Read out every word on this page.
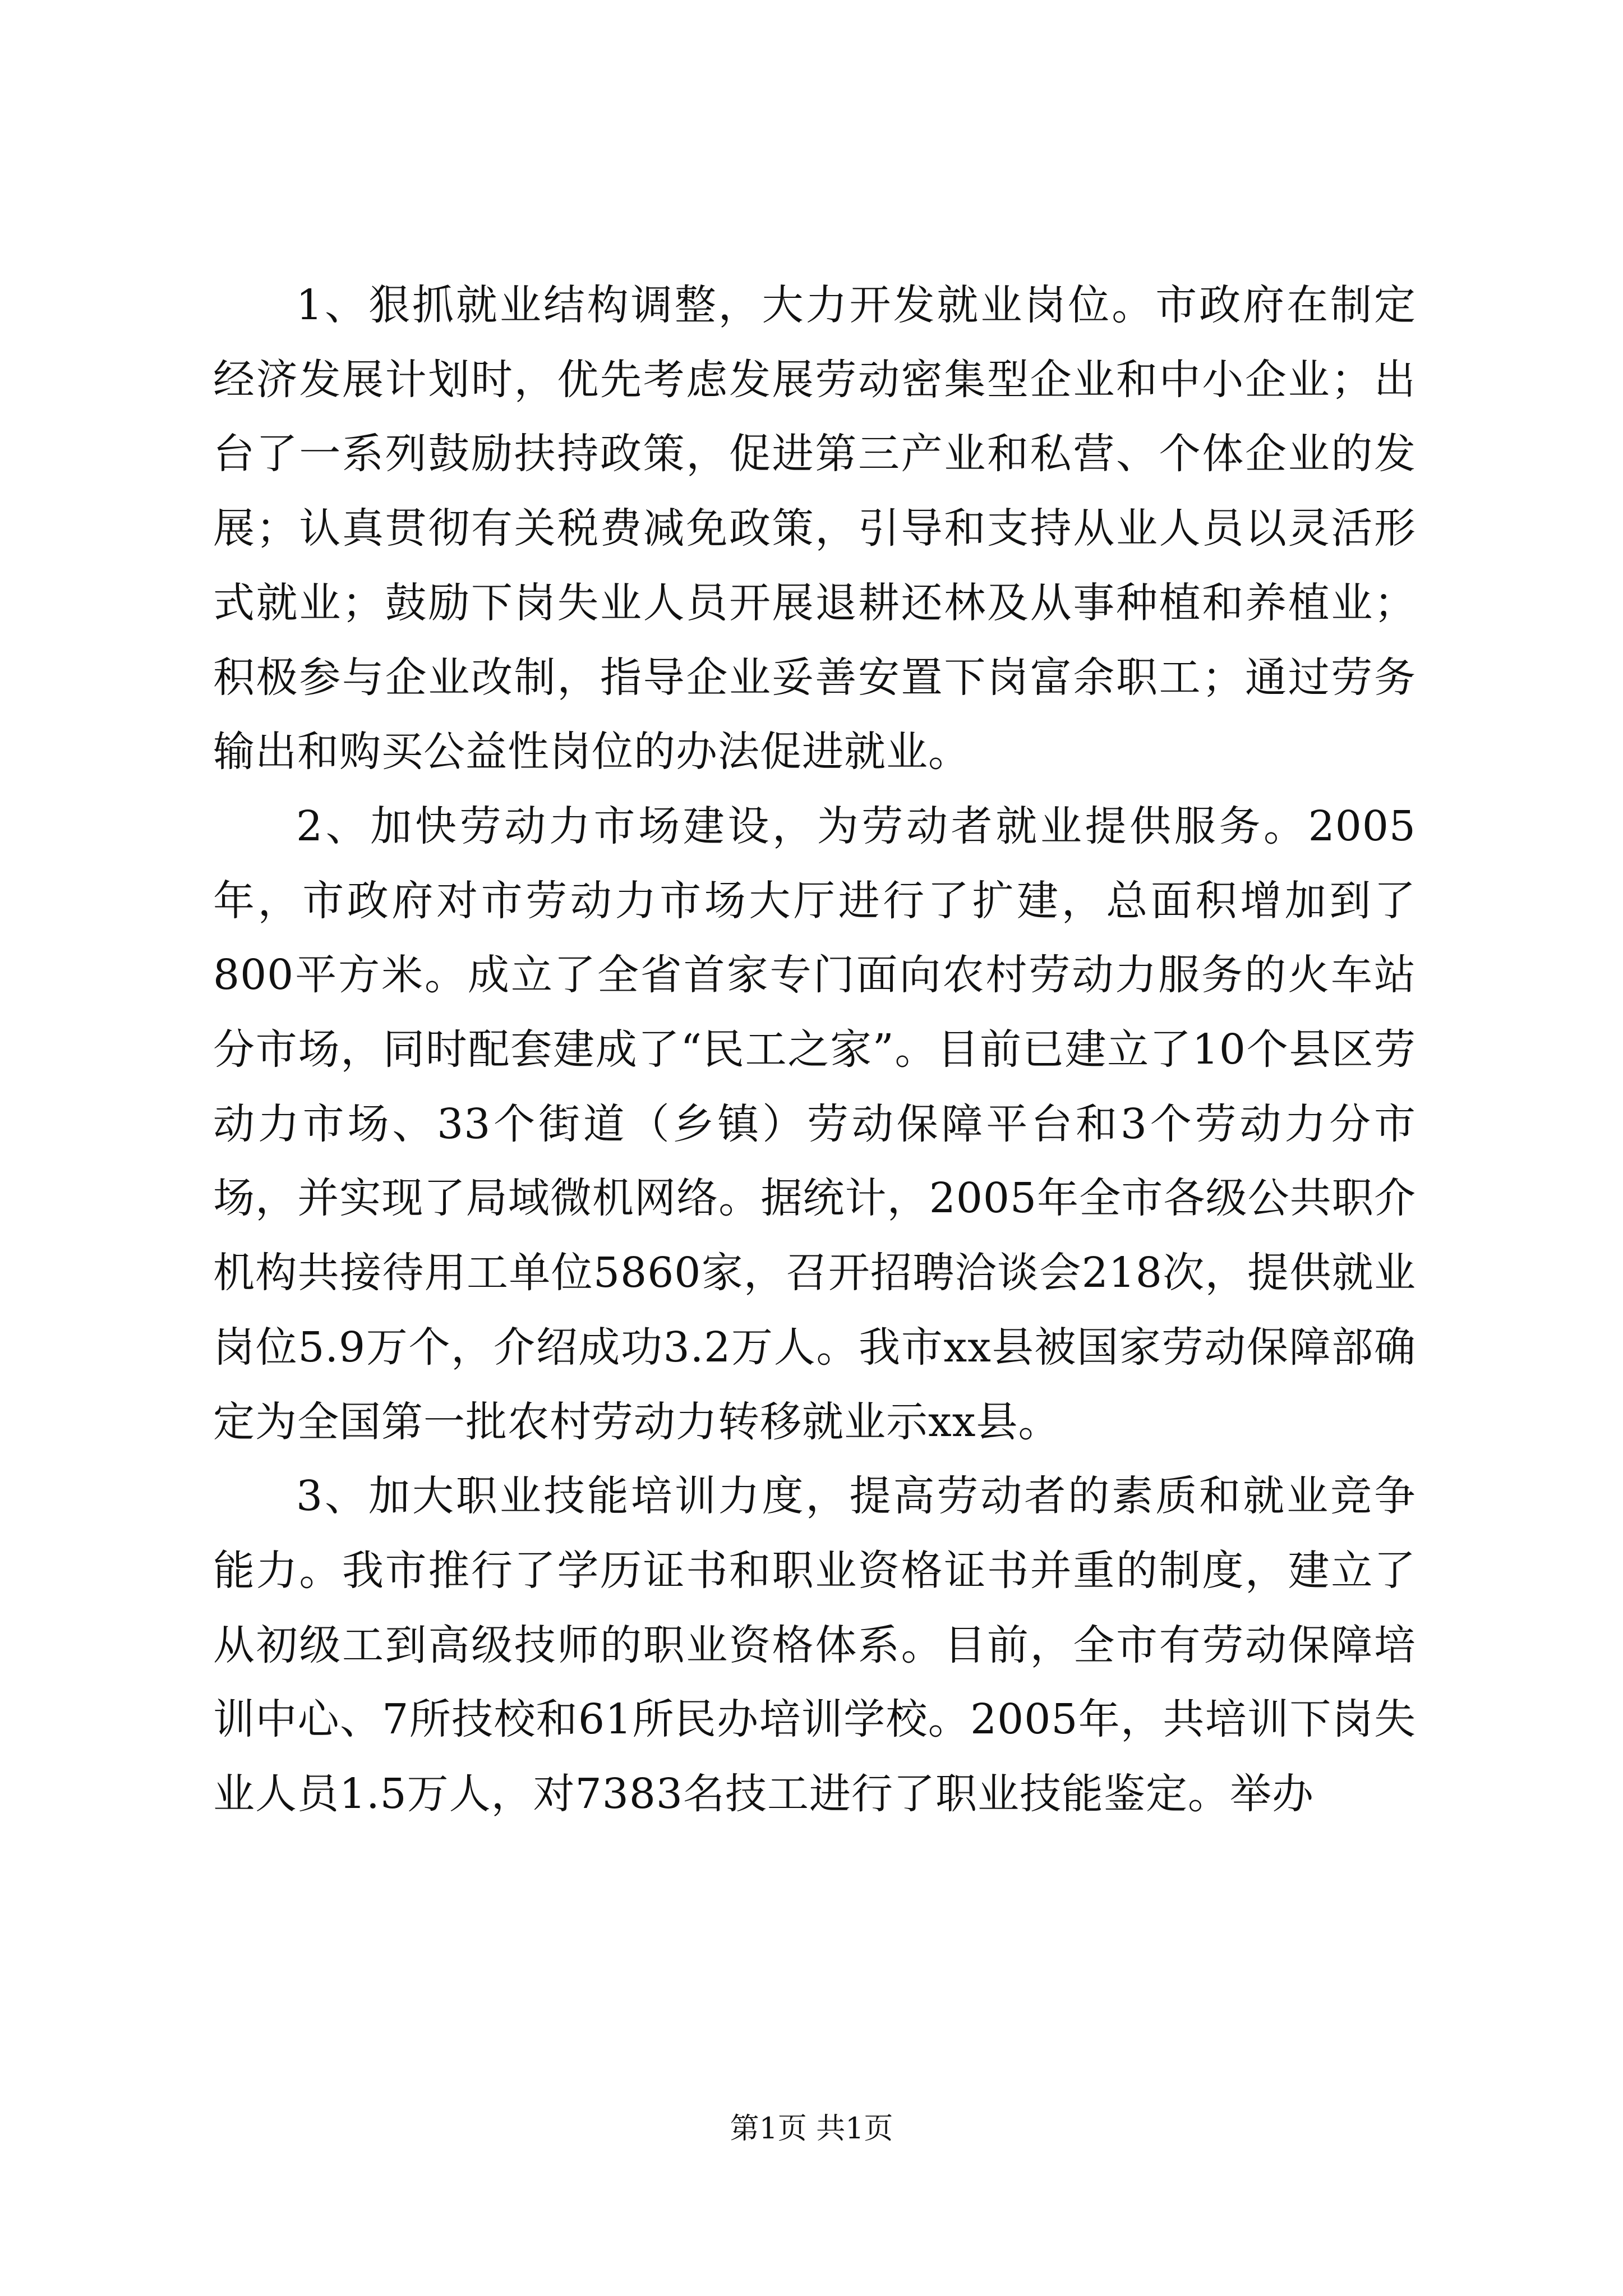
1、狠抓就业结构调整，大力开发就业岗位。市政府在制定经济发展计划时，优先考虑发展劳动密集型企业和中小企业；出台了一系列鼓励扶持政策，促进第三产业和私营、个体企业的发展；认真贯彻有关税费减免政策，引导和支持从业人员以灵活形式就业；鼓励下岗失业人员开展退耕还林及从事种植和养植业；积极参与企业改制，指导企业妥善安置下岗富余职工；通过劳务输出和购买公益性岗位的办法促进就业。

2、加快劳动力市场建设，为劳动者就业提供服务。2005年，市政府对市劳动力市场大厅进行了扩建，总面积增加到了800平方米。成立了全省首家专门面向农村劳动力服务的火车站分市场，同时配套建成了“民工之家”。目前已建立了10个县区劳动力市场、33个街道（乡镇）劳动保障平台和3个劳动力分市场，并实现了局域微机网络。据统计，2005年全市各级公共职介机构共接待用工单位5860家，召开招聘洽谈会218次，提供就业岗位5.9万个，介绍成功3.2万人。我市xx县被国家劳动保障部确定为全国第一批农村劳动力转移就业示xx县。

3、加大职业技能培训力度，提高劳动者的素质和就业竞争能力。我市推行了学历证书和职业资格证书并重的制度，建立了从初级工到高级技师的职业资格体系。目前，全市有劳动保障培训中心、7所技校和61所民办培训学校。2005年，共培训下岗失业人员1.5万人，对7383名技工进行了职业技能鉴定。举办

第1页 共1页
